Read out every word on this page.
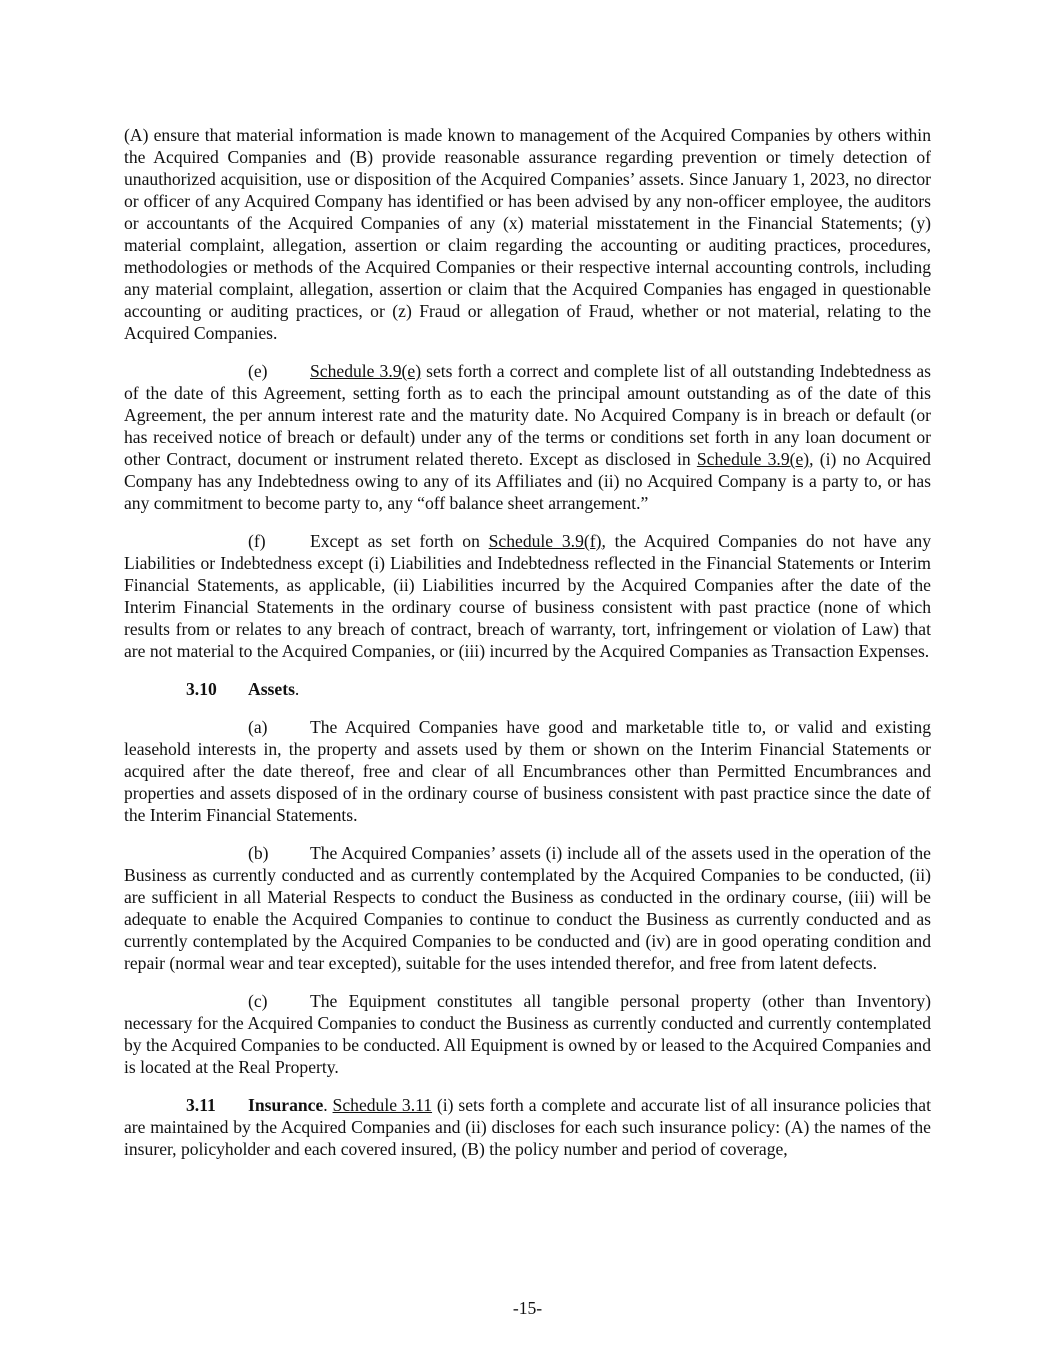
(A) ensure that material information is made known to management of the Acquired Companies by others within the Acquired Companies and (B) provide reasonable assurance regarding prevention or timely detection of unauthorized acquisition, use or disposition of the Acquired Companies’ assets. Since January 1, 2023, no director or officer of any Acquired Company has identified or has been advised by any non-officer employee, the auditors or accountants of the Acquired Companies of any (x) material misstatement in the Financial Statements; (y) material complaint, allegation, assertion or claim regarding the accounting or auditing practices, procedures, methodologies or methods of the Acquired Companies or their respective internal accounting controls, including any material complaint, allegation, assertion or claim that the Acquired Companies has engaged in questionable accounting or auditing practices, or (z) Fraud or allegation of Fraud, whether or not material, relating to the Acquired Companies.

(e) Schedule 3.9(e) sets forth a correct and complete list of all outstanding Indebtedness as of the date of this Agreement, setting forth as to each the principal amount outstanding as of the date of this Agreement, the per annum interest rate and the maturity date. No Acquired Company is in breach or default (or has received notice of breach or default) under any of the terms or conditions set forth in any loan document or other Contract, document or instrument related thereto. Except as disclosed in Schedule 3.9(e), (i) no Acquired Company has any Indebtedness owing to any of its Affiliates and (ii) no Acquired Company is a party to, or has any commitment to become party to, any “off balance sheet arrangement.”

(f)	Except as set forth on Schedule 3.9(f), the Acquired Companies do not have any Liabilities or Indebtedness except (i) Liabilities and Indebtedness reflected in the Financial Statements or Interim Financial Statements, as applicable, (ii) Liabilities incurred by the Acquired Companies after the date of the Interim Financial Statements in the ordinary course of business consistent with past practice (none of which results from or relates to any breach of contract, breach of warranty, tort, infringement or violation of Law) that are not material to the Acquired Companies, or (iii) incurred by the Acquired Companies as Transaction Expenses.

3.10 Assets.

(a) The Acquired Companies have good and marketable title to, or valid and existing leasehold interests in, the property and assets used by them or shown on the Interim Financial Statements or acquired after the date thereof, free and clear of all Encumbrances other than Permitted Encumbrances and properties and assets disposed of in the ordinary course of business consistent with past practice since the date of the Interim Financial Statements.

(b) The Acquired Companies’ assets (i) include all of the assets used in the operation of the Business as currently conducted and as currently contemplated by the Acquired Companies to be conducted, (ii) are sufficient in all Material Respects to conduct the Business as conducted in the ordinary course, (iii) will be adequate to enable the Acquired Companies to continue to conduct the Business as currently conducted and as currently contemplated by the Acquired Companies to be conducted and (iv) are in good operating condition and repair (normal wear and tear excepted), suitable for the uses intended therefor, and free from latent defects.

(c) The Equipment constitutes all tangible personal property (other than Inventory) necessary for the Acquired Companies to conduct the Business as currently conducted and currently contemplated by the Acquired Companies to be conducted. All Equipment is owned by or leased to the Acquired Companies and is located at the Real Property.

3.11 Insurance. Schedule 3.11 (i) sets forth a complete and accurate list of all insurance policies that are maintained by the Acquired Companies and (ii) discloses for each such insurance policy: (A) the names of the insurer, policyholder and each covered insured, (B) the policy number and period of coverage,

-15-
